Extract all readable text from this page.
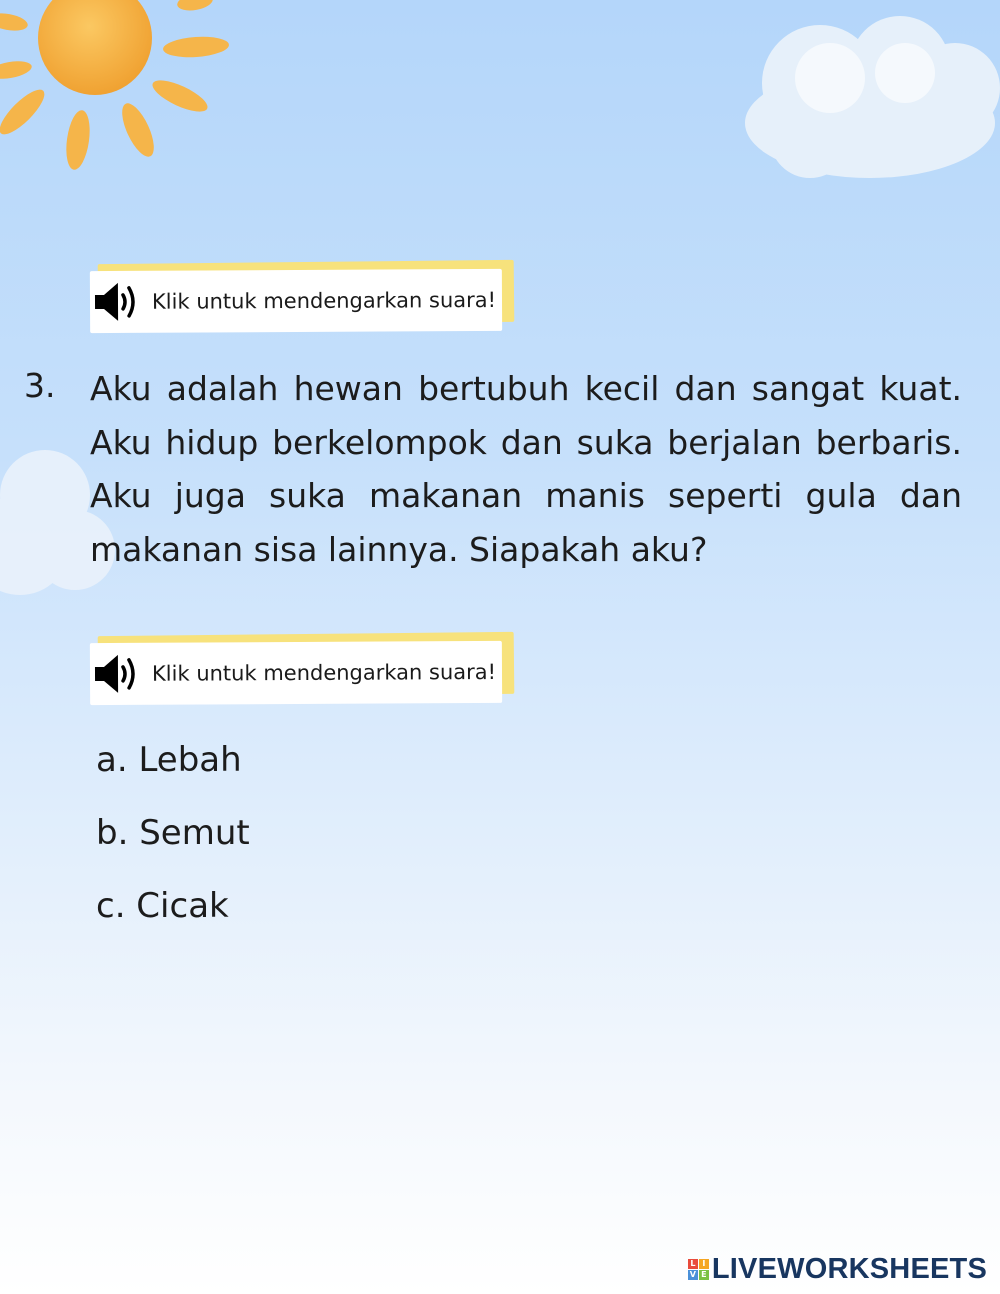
Klik untuk mendengarkan suara!
3. Aku adalah hewan bertubuh kecil dan sangat kuat. Aku hidup berkelompok dan suka berjalan berbaris. Aku juga suka makanan manis seperti gula dan makanan sisa lainnya. Siapakah aku?
Klik untuk mendengarkan suara!
a. Lebah
b. Semut
c. Cicak
L I
V E LIVEWORKSHEETS
